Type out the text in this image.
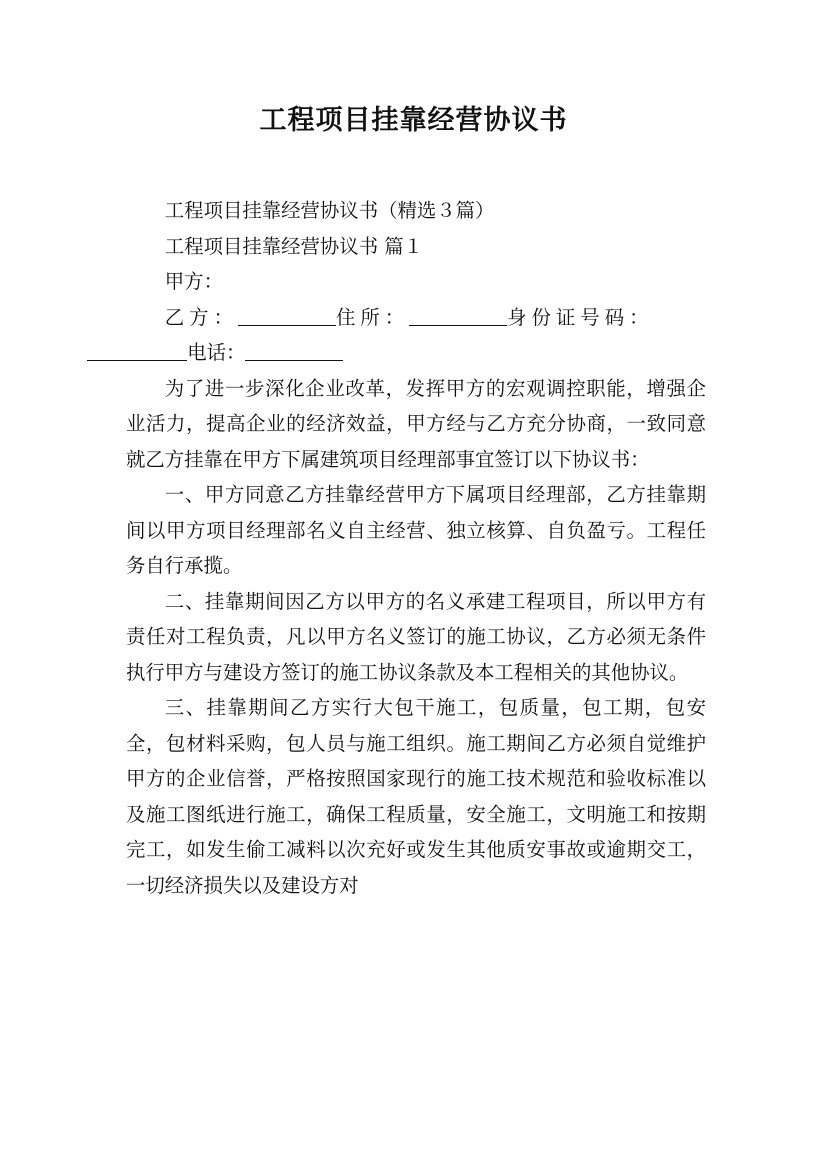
工程项目挂靠经营协议书

工程项目挂靠经营协议书（精选３篇）

工程项目挂靠经营协议书 篇１

甲方：

乙方：	住所：	身份证号码：
电话：

为了进一步深化企业改革，发挥甲方的宏观调控职能，增强企业活力，提高企业的经济效益，甲方经与乙方充分协商，一致同意就乙方挂靠在甲方下属建筑项目经理部事宜签订以下协议书：

一、甲方同意乙方挂靠经营甲方下属项目经理部，乙方挂靠期间以甲方项目经理部名义自主经营、独立核算、自负盈亏。工程任务自行承揽。

二、挂靠期间因乙方以甲方的名义承建工程项目，所以甲方有责任对工程负责，凡以甲方名义签订的施工协议，乙方必须无条件执行甲方与建设方签订的施工协议条款及本工程相关的其他协议。

三、挂靠期间乙方实行大包干施工，包质量，包工期，包安全，包材料采购，包人员与施工组织。施工期间乙方必须自觉维护甲方的企业信誉，严格按照国家现行的施工技术规范和验收标准以及施工图纸进行施工，确保工程质量，安全施工，文明施工和按期完工，如发生偷工减料以次充好或发生其他质安事故或逾期交工，一切经济损失以及建设方对
